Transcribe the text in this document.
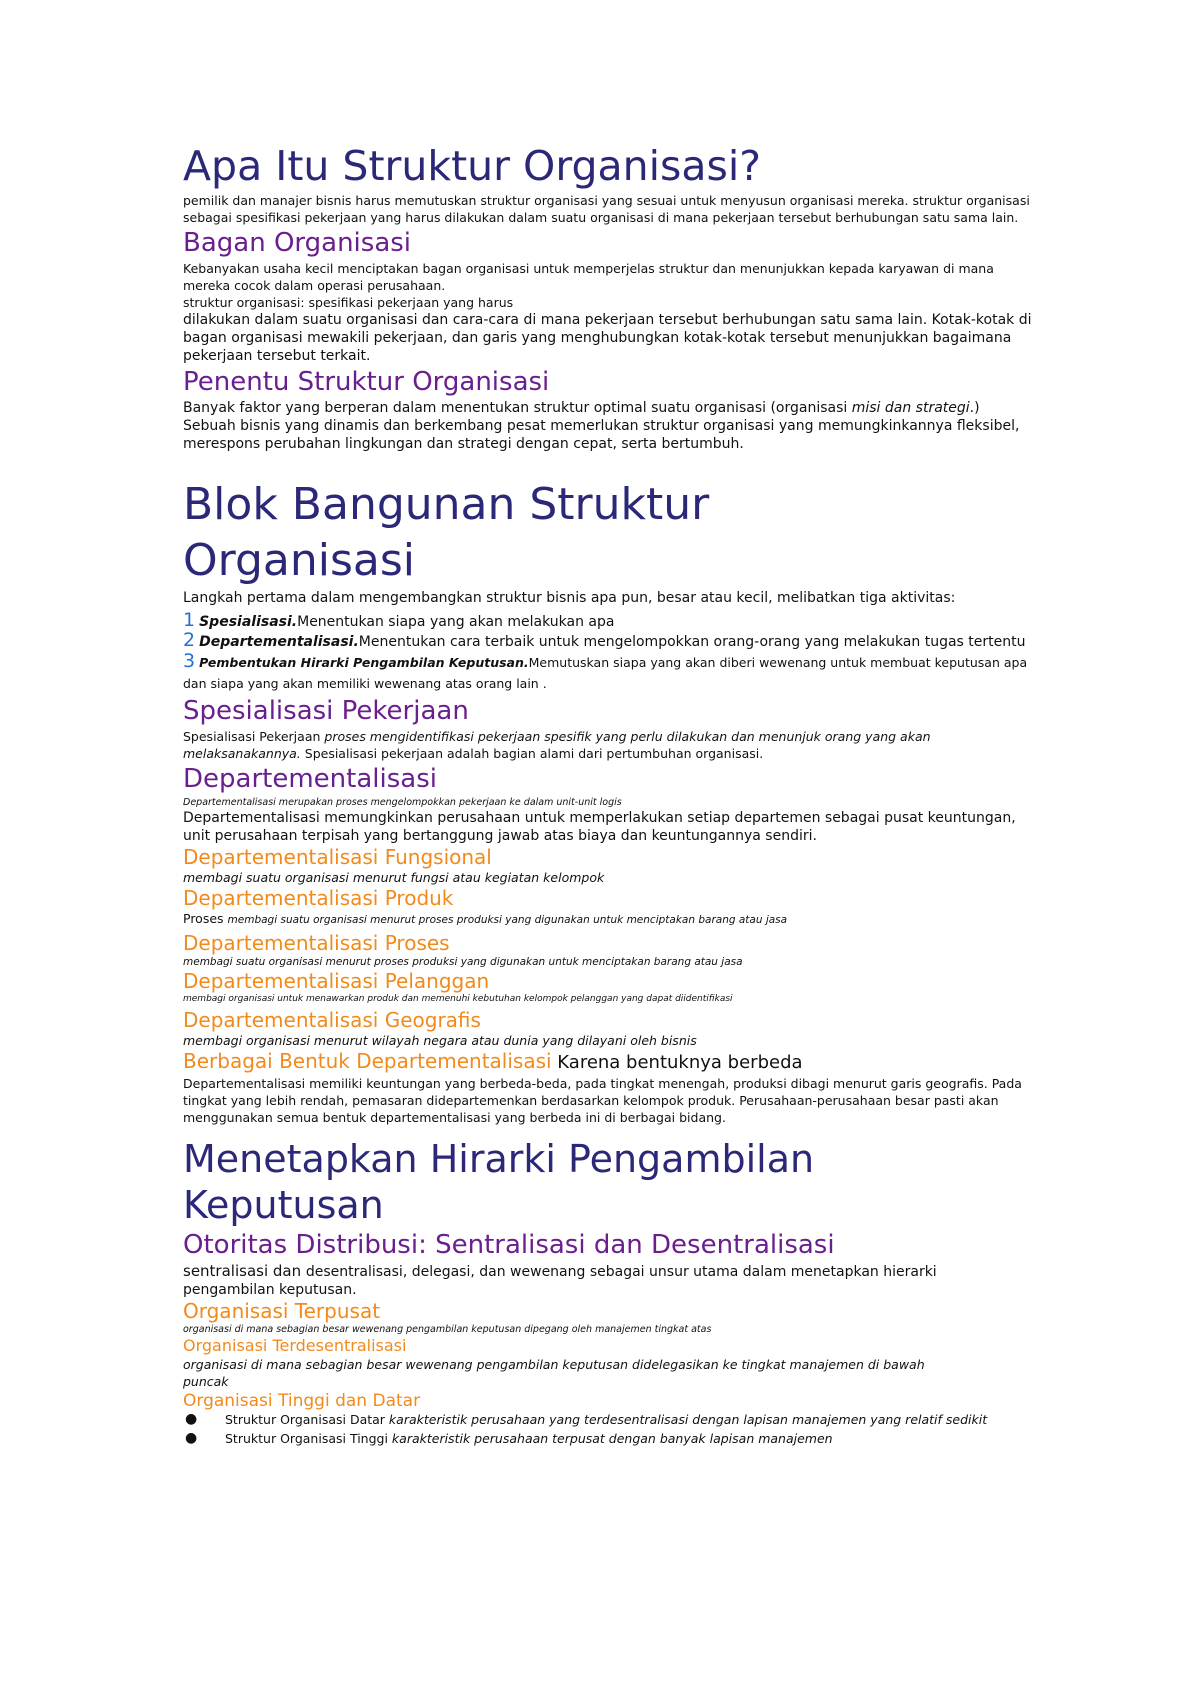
Apa Itu Struktur Organisasi?

pemilik dan manajer bisnis harus memutuskan struktur organisasi yang sesuai untuk menyusun organisasi mereka. struktur organisasi sebagai spesifikasi pekerjaan yang harus dilakukan dalam suatu organisasi di mana pekerjaan tersebut berhubungan satu sama lain.

Bagan Organisasi

Kebanyakan usaha kecil menciptakan bagan organisasi untuk memperjelas struktur dan menunjukkan kepada karyawan di mana mereka cocok dalam operasi perusahaan.

struktur organisasi: spesifikasi pekerjaan yang harus

dilakukan dalam suatu organisasi dan cara-cara di mana pekerjaan tersebut berhubungan satu sama lain. Kotak-kotak di bagan organisasi mewakili pekerjaan, dan garis yang menghubungkan kotak-kotak tersebut menunjukkan bagaimana pekerjaan tersebut terkait.

Penentu Struktur Organisasi

Banyak faktor yang berperan dalam menentukan struktur optimal suatu organisasi (organisasi misi dan strategi.) Sebuah bisnis yang dinamis dan berkembang pesat memerlukan struktur organisasi yang memungkinkannya fleksibel, merespons perubahan lingkungan dan strategi dengan cepat, serta bertumbuh.

Blok Bangunan Struktur
Organisasi

Langkah pertama dalam mengembangkan struktur bisnis apa pun, besar atau kecil, melibatkan tiga aktivitas:

1 Spesialisasi.Menentukan siapa yang akan melakukan apa

2 Departementalisasi.Menentukan cara terbaik untuk mengelompokkan orang-orang yang melakukan tugas tertentu

3 Pembentukan Hirarki Pengambilan Keputusan.Memutuskan siapa yang akan diberi wewenang untuk membuat keputusan apa dan siapa yang akan memiliki wewenang atas orang lain .

Spesialisasi Pekerjaan

Spesialisasi Pekerjaan proses mengidentifikasi pekerjaan spesifik yang perlu dilakukan dan menunjuk orang yang akan melaksanakannya. Spesialisasi pekerjaan adalah bagian alami dari pertumbuhan organisasi.

Departementalisasi

Departementalisasi merupakan proses mengelompokkan pekerjaan ke dalam unit-unit logis

Departementalisasi memungkinkan perusahaan untuk memperlakukan setiap departemen sebagai pusat keuntungan, unit perusahaan terpisah yang bertanggung jawab atas biaya dan keuntungannya sendiri.

Departementalisasi Fungsional

membagi suatu organisasi menurut fungsi atau kegiatan kelompok

Departementalisasi Produk

Proses membagi suatu organisasi menurut proses produksi yang digunakan untuk menciptakan barang atau jasa

Departementalisasi Proses

membagi suatu organisasi menurut proses produksi yang digunakan untuk menciptakan barang atau jasa

Departementalisasi Pelanggan

membagi organisasi untuk menawarkan produk dan memenuhi kebutuhan kelompok pelanggan yang dapat diidentifikasi

Departementalisasi Geografis

membagi organisasi menurut wilayah negara atau dunia yang dilayani oleh bisnis

Berbagai Bentuk Departementalisasi Karena bentuknya berbeda

Departementalisasi memiliki keuntungan yang berbeda-beda, pada tingkat menengah, produksi dibagi menurut garis geografis. Pada tingkat yang lebih rendah, pemasaran didepartemenkan berdasarkan kelompok produk. Perusahaan-perusahaan besar pasti akan menggunakan semua bentuk departementalisasi yang berbeda ini di berbagai bidang.

Menetapkan Hirarki Pengambilan
Keputusan
Otoritas Distribusi: Sentralisasi dan Desentralisasi

sentralisasi dan desentralisasi, delegasi, dan wewenang sebagai unsur utama dalam menetapkan hierarki

pengambilan keputusan.

Organisasi Terpusat

organisasi di mana sebagian besar wewenang pengambilan keputusan dipegang oleh manajemen tingkat atas

Organisasi Terdesentralisasi

organisasi di mana sebagian besar wewenang pengambilan keputusan didelegasikan ke tingkat manajemen di bawah puncak

Organisasi Tinggi dan Datar
●	Struktur Organisasi Datar karakteristik perusahaan yang terdesentralisasi dengan lapisan manajemen yang relatif sedikit
●	Struktur Organisasi Tinggi karakteristik perusahaan terpusat dengan banyak lapisan manajemen
